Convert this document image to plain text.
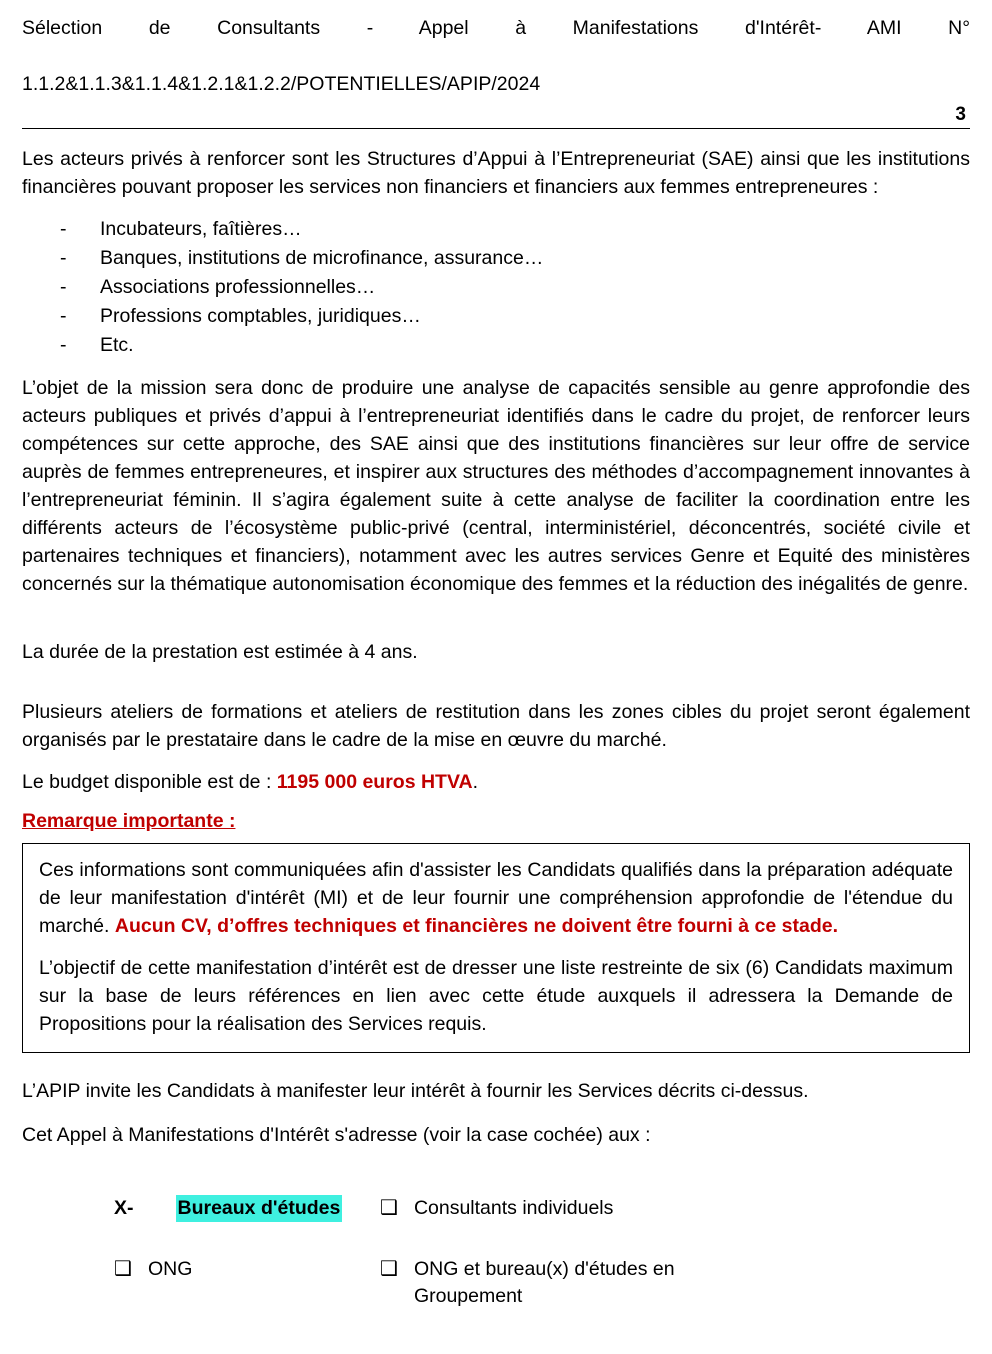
Sélection de Consultants - Appel à Manifestations d'Intérêt- AMI N°
1.1.2&1.1.3&1.1.4&1.2.1&1.2.2/POTENTIELLES/APIP/2024
3

Les acteurs privés à renforcer sont les Structures d’Appui à l’Entrepreneuriat (SAE) ainsi que les institutions financières pouvant proposer les services non financiers et financiers aux femmes entrepreneures :

-	Incubateurs, faîtières…
-	Banques, institutions de microfinance, assurance…
-	Associations professionnelles…
-	Professions comptables, juridiques…
-	Etc.

L’objet de la mission sera donc de produire une analyse de capacités sensible au genre approfondie des acteurs publiques et privés d’appui à l’entrepreneuriat identifiés dans le cadre du projet, de renforcer leurs compétences sur cette approche, des SAE ainsi que des institutions financières sur leur offre de service auprès de femmes entrepreneures, et inspirer aux structures des méthodes d’accompagnement innovantes à l’entrepreneuriat féminin. Il s’agira également suite à cette analyse de faciliter la coordination entre les différents acteurs de l’écosystème public-privé (central, interministériel, déconcentrés, société civile et partenaires techniques et financiers), notamment avec les autres services Genre et Equité des ministères concernés sur la thématique autonomisation économique des femmes et la réduction des inégalités de genre.

La durée de la prestation est estimée à 4 ans.

Plusieurs ateliers de formations et ateliers de restitution dans les zones cibles du projet seront également organisés par le prestataire dans le cadre de la mise en œuvre du marché.

Le budget disponible est de : 1195 000 euros HTVA.

Remarque importante :

Ces informations sont communiquées afin d'assister les Candidats qualifiés dans la préparation adéquate de leur manifestation d'intérêt (MI) et de leur fournir une compréhension approfondie de l'étendue du marché. Aucun CV, d’offres techniques et financières ne doivent être fourni à ce stade.

L’objectif de cette manifestation d’intérêt est de dresser une liste restreinte de six (6) Candidats maximum sur la base de leurs références en lien avec cette étude auxquels il adressera la Demande de Propositions pour la réalisation des Services requis.

L’APIP invite les Candidats à manifester leur intérêt à fournir les Services décrits ci-dessus.

Cet Appel à Manifestations d'Intérêt s'adresse (voir la case cochée) aux :

X- Bureaux d'études ❑ Consultants individuels
❑ ONG	❑ ONG et bureau(x) d'études en Groupement
